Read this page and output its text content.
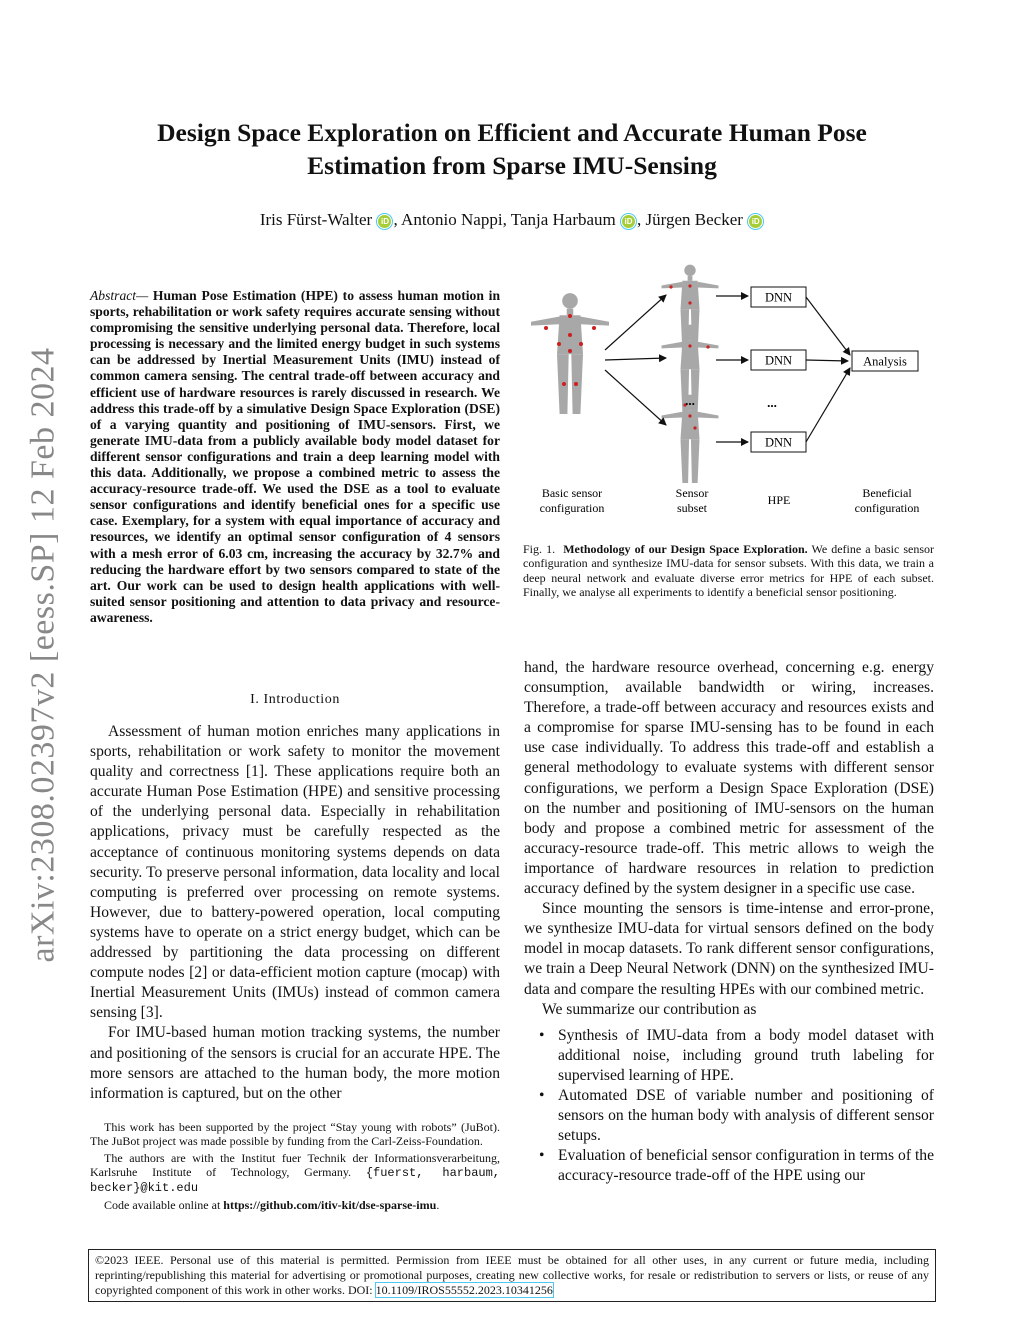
arXiv:2308.02397v2 [eess.SP] 12 Feb 2024
Design Space Exploration on Efficient and Accurate Human Pose
Estimation from Sparse IMU-Sensing
Iris Fürst-Walter iD , Antonio Nappi, Tanja Harbaum iD , Jürgen Becker iD
Abstract— Human Pose Estimation (HPE) to assess human motion in sports, rehabilitation or work safety requires accurate sensing without compromising the sensitive underlying personal data. Therefore, local processing is necessary and the limited energy budget in such systems can be addressed by Inertial Measurement Units (IMU) instead of common camera sensing. The central trade-off between accuracy and efficient use of hardware resources is rarely discussed in research. We address this trade-off by a simulative Design Space Exploration (DSE) of a varying quantity and positioning of IMU-sensors. First, we generate IMU-data from a publicly available body model dataset for different sensor configurations and train a deep learning model with this data. Additionally, we propose a combined metric to assess the accuracy-resource trade-off. We used the DSE as a tool to evaluate sensor configurations and identify beneficial ones for a specific use case. Exemplary, for a system with equal importance of accuracy and resources, we identify an optimal sensor configuration of 4 sensors with a mesh error of 6.03 cm, increasing the accuracy by 32.7% and reducing the hardware effort by two sensors compared to state of the art. Our work can be used to design health applications with well-suited sensor positioning and attention to data privacy and resource-awareness.
I. Introduction

Assessment of human motion enriches many applications in sports, rehabilitation or work safety to monitor the movement quality and correctness [1]. These applications require both an accurate Human Pose Estimation (HPE) and sensitive processing of the underlying personal data. Especially in rehabilitation applications, privacy must be carefully respected as the acceptance of continuous monitoring systems depends on data security. To preserve personal information, data locality and local computing is preferred over processing on remote systems. However, due to battery-powered operation, local computing systems have to operate on a strict energy budget, which can be addressed by partitioning the data processing on different compute nodes [2] or data-efficient motion capture (mocap) with Inertial Measurement Units (IMUs) instead of common camera sensing [3].

For IMU-based human motion tracking systems, the number and positioning of the sensors is crucial for an accurate HPE. The more sensors are attached to the human body, the more motion information is captured, but on the other

This work has been supported by the project “Stay young with robots” (JuBot). The JuBot project was made possible by funding from the Carl-Zeiss-Foundation.

The authors are with the Institut fuer Technik der Informationsverarbeitung, Karlsruhe Institute of Technology, Germany. {fuerst, harbaum, becker}@kit.edu

Code available online at https://github.com/itiv-kit/dse-sparse-imu.

DNN
DNN
DNN
...	...
Analysis
Basic sensor
configuration
Sensor
subset
HPE	Beneficial
configuration
Fig. 1. Methodology of our Design Space Exploration. We define a basic sensor configuration and synthesize IMU-data for sensor subsets. With this data, we train a deep neural network and evaluate diverse error metrics for HPE of each subset. Finally, we analyse all experiments to identify a beneficial sensor positioning.

hand, the hardware resource overhead, concerning e.g. energy consumption, available bandwidth or wiring, increases. Therefore, a trade-off between accuracy and resources exists and a compromise for sparse IMU-sensing has to be found in each use case individually. To address this trade-off and establish a general methodology to evaluate systems with different sensor configurations, we perform a Design Space Exploration (DSE) on the number and positioning of IMU-sensors on the human body and propose a combined metric for assessment of the accuracy-resource trade-off. This metric allows to weigh the importance of hardware resources in relation to prediction accuracy defined by the system designer in a specific use case.

Since mounting the sensors is time-intense and error-prone, we synthesize IMU-data for virtual sensors defined on the body model in mocap datasets. To rank different sensor configurations, we train a Deep Neural Network (DNN) on the synthesized IMU-data and compare the resulting HPEs with our combined metric.

We summarize our contribution as

• Synthesis of IMU-data from a body model dataset with additional noise, including ground truth labeling for supervised learning of HPE.
• Automated DSE of variable number and positioning of sensors on the human body with analysis of different sensor setups.
• Evaluation of beneficial sensor configuration in terms of the accuracy-resource trade-off of the HPE using our
©2023 IEEE. Personal use of this material is permitted. Permission from IEEE must be obtained for all other uses, in any current or future media, including reprinting/republishing this material for advertising or promotional purposes, creating new collective works, for resale or redistribution to servers or lists, or reuse of any copyrighted component of this work in other works. DOI: 10.1109/IROS55552.2023.10341256
